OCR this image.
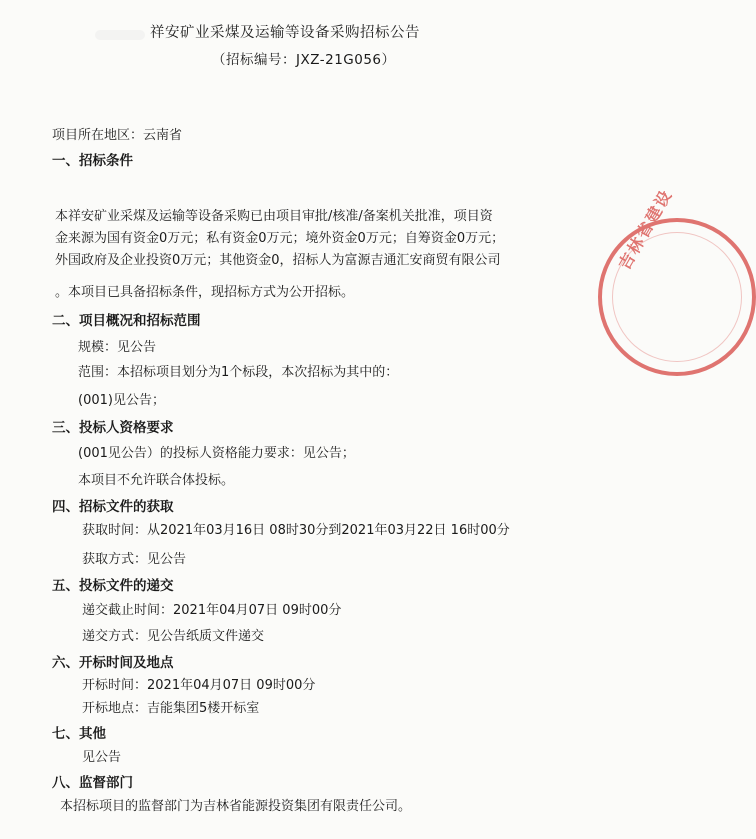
祥安矿业采煤及运输等设备采购招标公告
（招标编号：JXZ-21G056）
项目所在地区：云南省
一、招标条件
本祥安矿业采煤及运输等设备采购已由项目审批/核准/备案机关批准，项目资
金来源为国有资金0万元；私有资金0万元；境外资金0万元；自筹资金0万元；
外国政府及企业投资0万元；其他资金0，招标人为富源吉通汇安商贸有限公司
。本项目已具备招标条件，现招标方式为公开招标。
二、项目概况和招标范围
规模：见公告
范围：本招标项目划分为1个标段，本次招标为其中的：
(001)见公告；
三、投标人资格要求
(001见公告）的投标人资格能力要求：见公告；
本项目不允许联合体投标。
四、招标文件的获取
获取时间：从2021年03月16日 08时30分到2021年03月22日 16时00分
获取方式：见公告
五、投标文件的递交
递交截止时间：2021年04月07日 09时00分
递交方式：见公告纸质文件递交
六、开标时间及地点
开标时间：2021年04月07日 09时00分
开标地点：吉能集团5楼开标室
七、其他
见公告
八、监督部门
本招标项目的监督部门为吉林省能源投资集团有限责任公司。
吉林省建设
